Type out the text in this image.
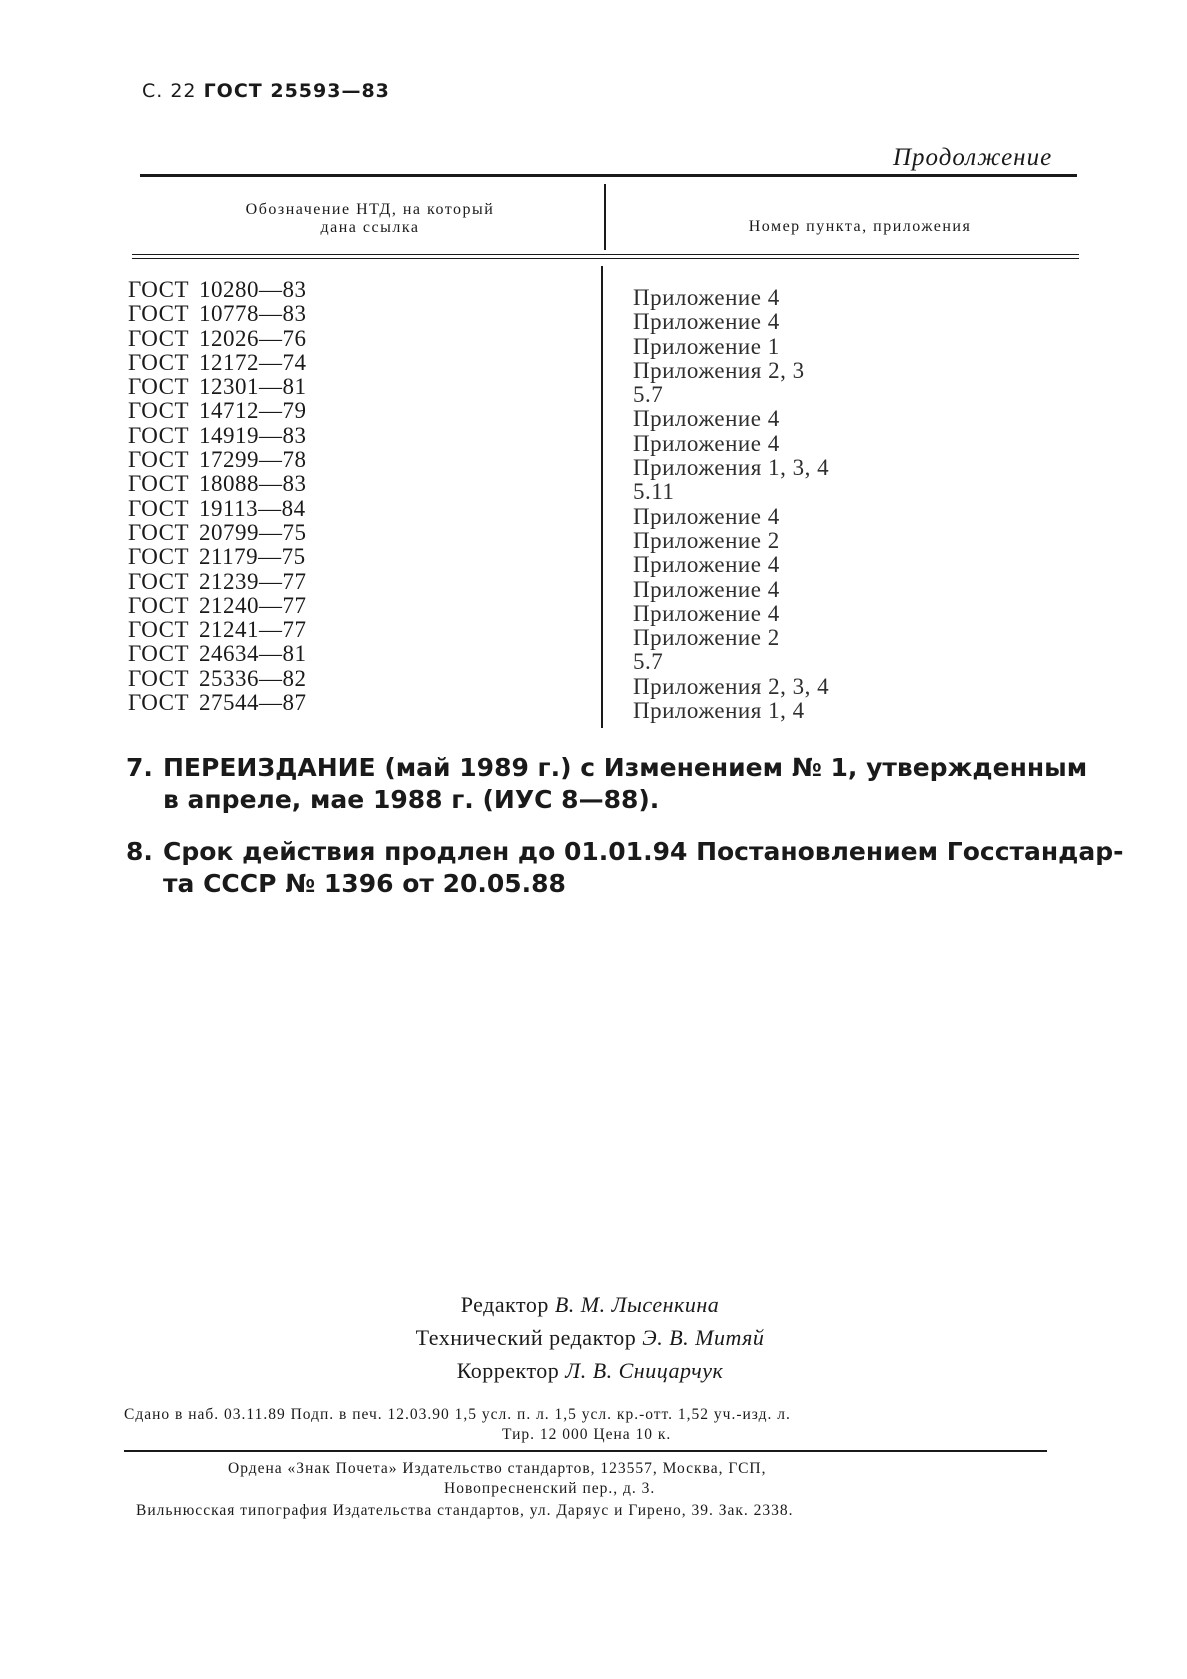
С. 22 ГОСТ 25593—83
Продолжение
Обозначение НТД, на который
дана ссылка	Номер пункта, приложения
ГОСТ 10280—83
ГОСТ 10778—83
ГОСТ 12026—76
ГОСТ 12172—74
ГОСТ 12301—81
ГОСТ 14712—79
ГОСТ 14919—83
ГОСТ 17299—78
ГОСТ 18088—83
ГОСТ 19113—84
ГОСТ 20799—75
ГОСТ 21179—75
ГОСТ 21239—77
ГОСТ 21240—77
ГОСТ 21241—77
ГОСТ 24634—81
ГОСТ 25336—82
ГОСТ 27544—87
Приложение 4
Приложение 4
Приложение 1
Приложения 2, 3
5.7
Приложение 4
Приложение 4
Приложения 1, 3, 4
5.11
Приложение 4
Приложение 2
Приложение 4
Приложение 4
Приложение 4
Приложение 2
5.7
Приложения 2, 3, 4
Приложения 1, 4
7. ПЕРЕИЗДАНИЕ (май 1989 г.) с Изменением № 1, утвержденным
в апреле, мае 1988 г. (ИУС 8—88).
8. Срок действия продлен до 01.01.94 Постановлением Госстандар-
та СССР № 1396 от 20.05.88
Редактор В. М. Лысенкина
Технический редактор Э. В. Митяй
Корректор Л. В. Сницарчук
Сдано в наб. 03.11.89 Подп. в печ. 12.03.90 1,5 усл. п. л. 1,5 усл. кр.-отт. 1,52 уч.-изд. л.
Тир. 12 000 Цена 10 к.
Ордена «Знак Почета» Издательство стандартов, 123557, Москва, ГСП,
Новопресненский пер., д. 3.
Вильнюсская типография Издательства стандартов, ул. Даряус и Гирено, 39. Зак. 2338.
